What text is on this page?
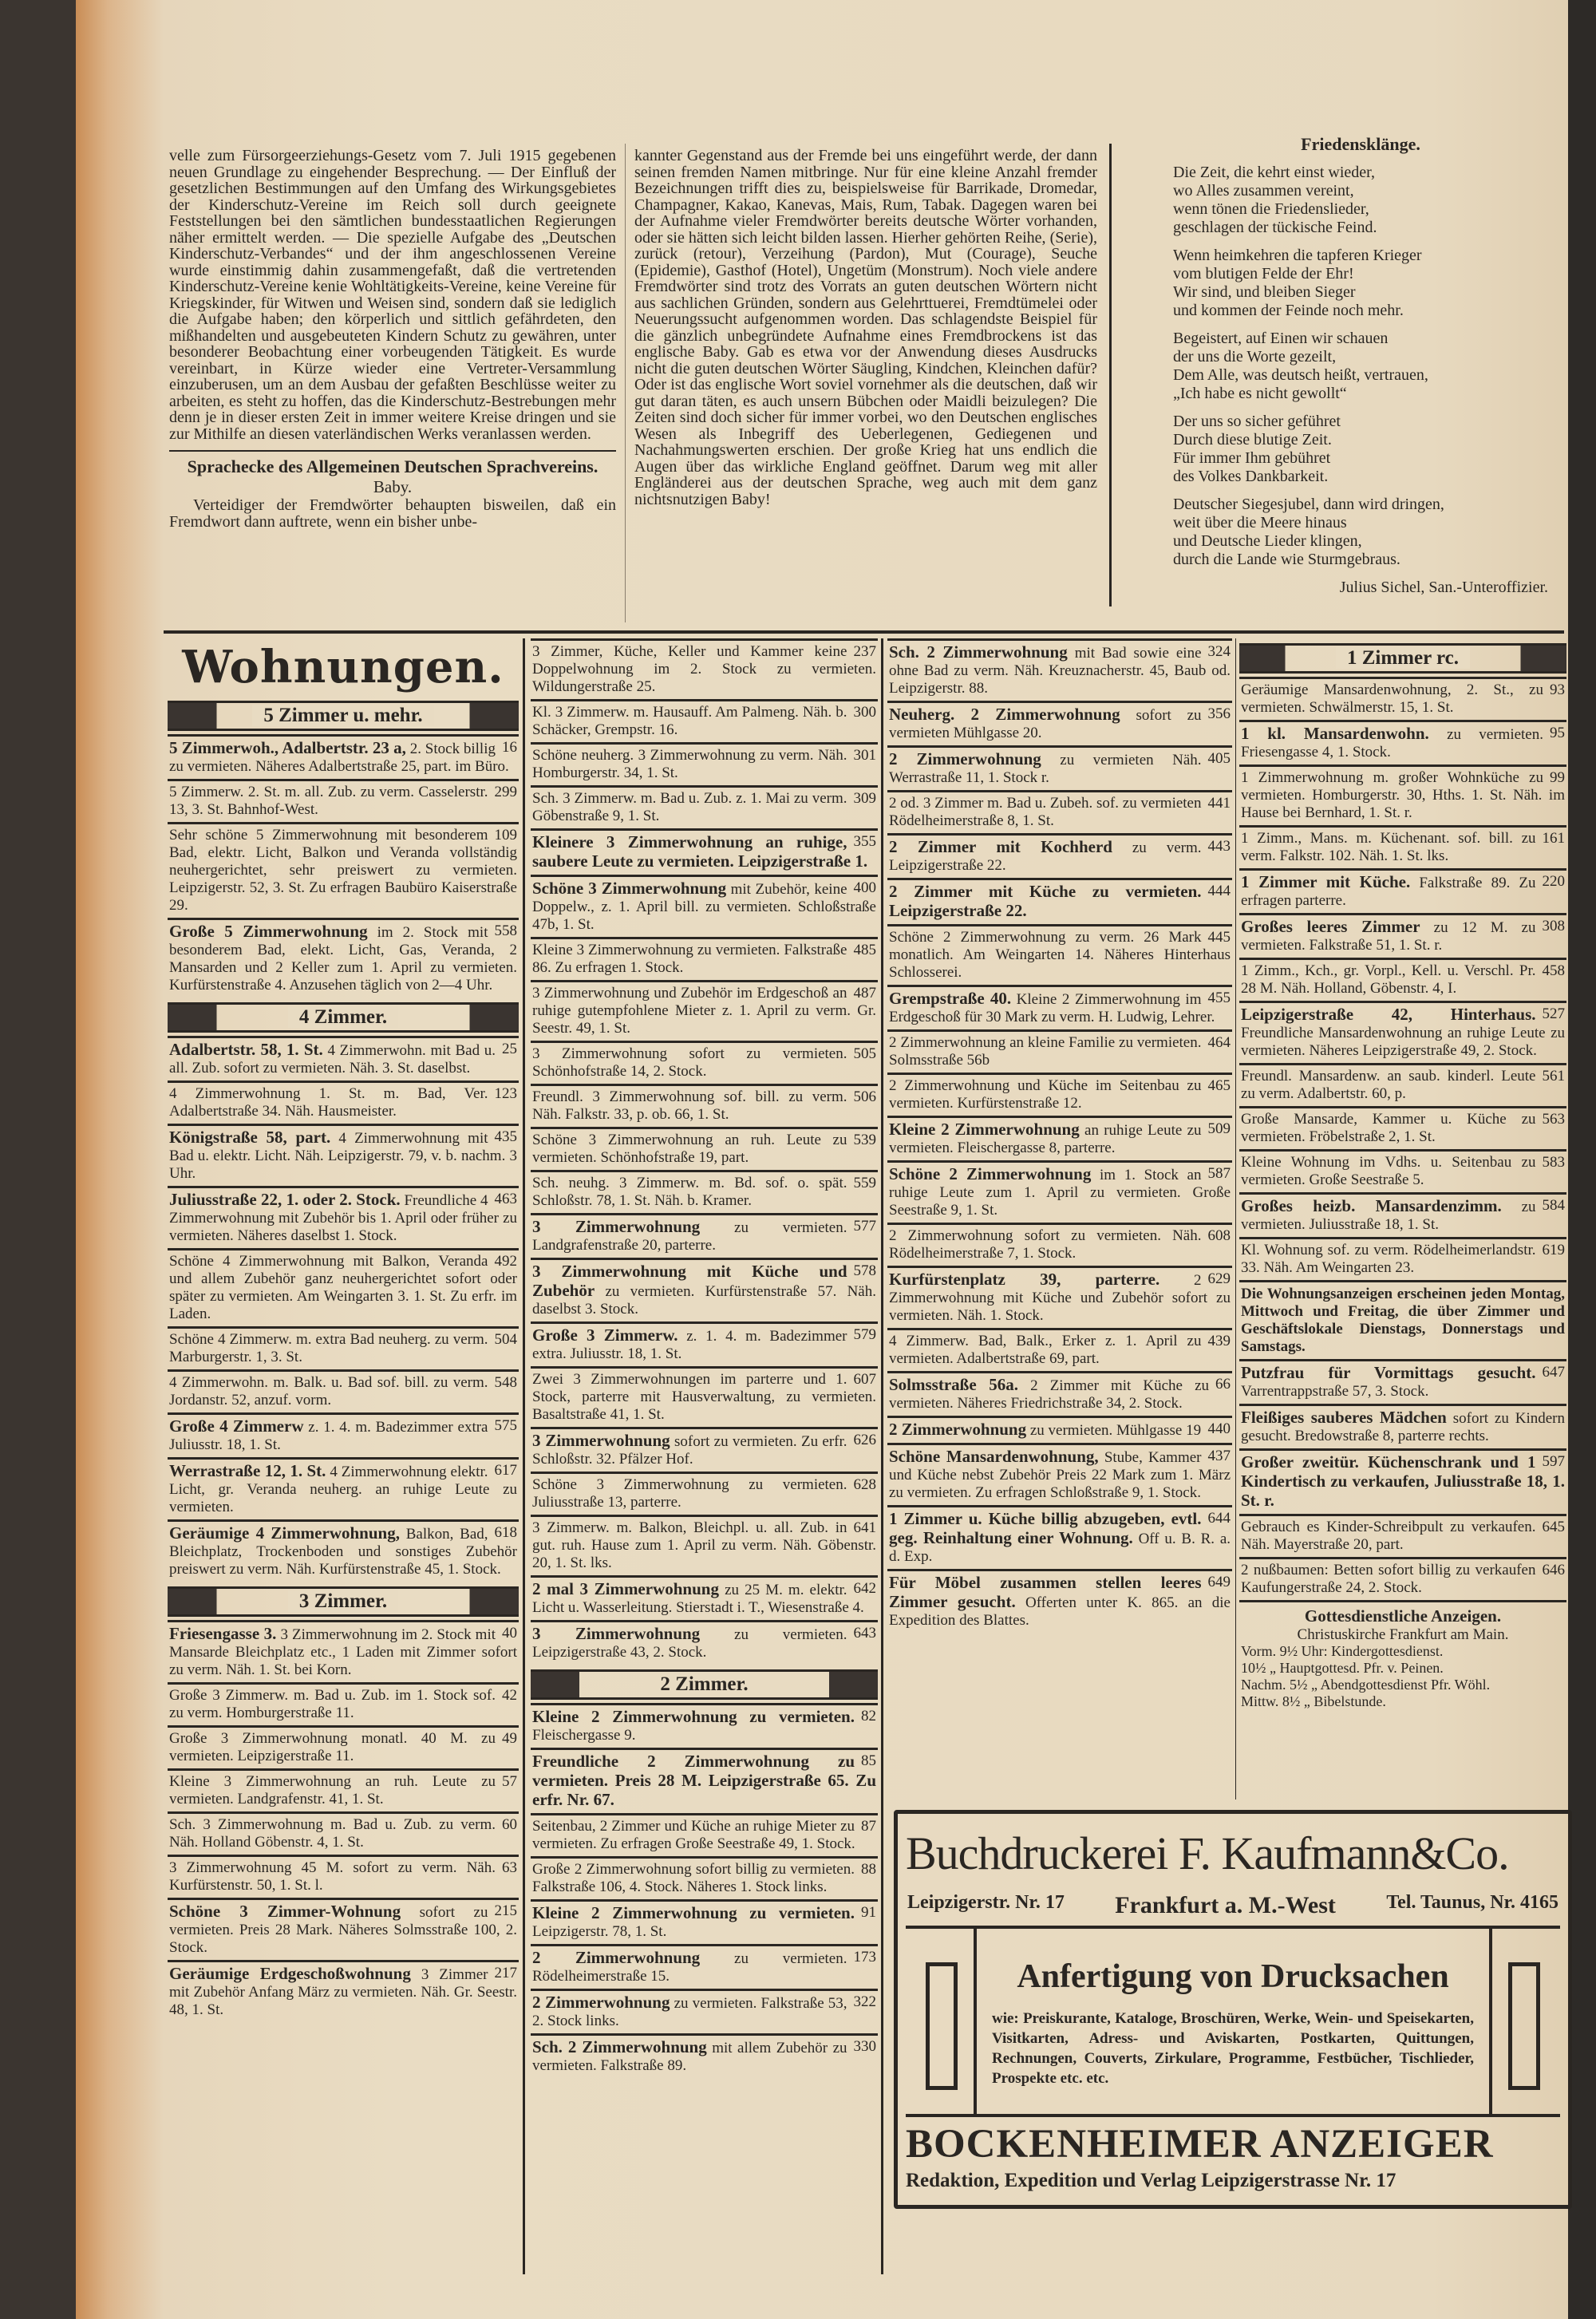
velle zum Fürsorgeerziehungs-Gesetz vom 7. Juli 1915 gegebenen neuen Grundlage zu eingehender Besprechung. — Der Einfluß der gesetzlichen Bestimmungen auf den Umfang des Wirkungsgebietes der Kinderschutz-Vereine im Reich soll durch geeignete Feststellungen bei den sämtlichen bundesstaatlichen Regierungen näher ermittelt werden. — Die spezielle Aufgabe des „Deutschen Kinderschutz-Verbandes“ und der ihm angeschlossenen Vereine wurde einstimmig dahin zusammengefaßt, daß die vertretenden Kinderschutz-Vereine kenie Wohltätigkeits-Vereine, keine Vereine für Kriegskinder, für Witwen und Weisen sind, sondern daß sie lediglich die Aufgabe haben; den körperlich und sittlich gefährdeten, den mißhandelten und ausgebeuteten Kindern Schutz zu gewähren, unter besonderer Beobachtung einer vorbeugenden Tätigkeit. Es wurde vereinbart, in Kürze wieder eine Vertreter-Versammlung einzuberusen, um an dem Ausbau der gefaßten Beschlüsse weiter zu arbeiten, es steht zu hoffen, das die Kinderschutz-Bestrebungen mehr denn je in dieser ersten Zeit in immer weitere Kreise dringen und sie zur Mithilfe an diesen vaterländischen Werks veranlassen werden.

Sprachecke des Allgemeinen Deutschen Sprachvereins.
Baby.

Verteidiger der Fremdwörter behaupten bisweilen, daß ein Fremdwort dann auftrete, wenn ein bisher unbe-

kannter Gegenstand aus der Fremde bei uns eingeführt werde, der dann seinen fremden Namen mitbringe. Nur für eine kleine Anzahl fremder Bezeichnungen trifft dies zu, beispielsweise für Barrikade, Dromedar, Champagner, Kakao, Kanevas, Mais, Rum, Tabak. Dagegen waren bei der Aufnahme vieler Fremdwörter bereits deutsche Wörter vorhanden, oder sie hätten sich leicht bilden lassen. Hierher gehörten Reihe, (Serie), zurück (retour), Verzeihung (Pardon), Mut (Courage), Seuche (Epidemie), Gasthof (Hotel), Ungetüm (Monstrum). Noch viele andere Fremdwörter sind trotz des Vorrats an guten deutschen Wörtern nicht aus sachlichen Gründen, sondern aus Gelehrttuerei, Fremdtümelei oder Neuerungssucht aufgenommen worden. Das schlagendste Beispiel für die gänzlich unbegründete Aufnahme eines Fremdbrockens ist das englische Baby. Gab es etwa vor der Anwendung dieses Ausdrucks nicht die guten deutschen Wörter Säugling, Kindchen, Kleinchen dafür? Oder ist das englische Wort soviel vornehmer als die deutschen, daß wir gut daran täten, es auch unsern Bübchen oder Maidli beizulegen? Die Zeiten sind doch sicher für immer vorbei, wo den Deutschen englisches Wesen als Inbegriff des Ueberlegenen, Gediegenen und Nachahmungswerten erschien. Der große Krieg hat uns endlich die Augen über das wirkliche England geöffnet. Darum weg mit aller Engländerei aus der deutschen Sprache, weg auch mit dem ganz nichtsnutzigen Baby!

Friedensklänge.
Die Zeit, die kehrt einst wieder,
wo Alles zusammen vereint,
wenn tönen die Friedenslieder,
geschlagen der tückische Feind.
Wenn heimkehren die tapferen Krieger
vom blutigen Felde der Ehr!
Wir sind, und bleiben Sieger
und kommen der Feinde noch mehr.
Begeistert, auf Einen wir schauen
der uns die Worte gezeilt,
Dem Alle, was deutsch heißt, vertrauen,
„Ich habe es nicht gewollt“
Der uns so sicher geführet
Durch diese blutige Zeit.
Für immer Ihm gebühret
des Volkes Dankbarkeit.
Deutscher Siegesjubel, dann wird dringen,
weit über die Meere hinaus
und Deutsche Lieder klingen,
durch die Lande wie Sturmgebraus.
Julius Sichel, San.-Unteroffizier.
Wohnungen.
5 Zimmer u. mehr.
16
5 Zimmerwoh., Adalbertstr. 23 a, 2. Stock billig zu vermieten. Näheres Adalbertstraße 25, part. im Büro.
299
5 Zimmerw. 2. St. m. all. Zub. zu verm. Casselerstr. 13, 3. St. Bahnhof-West.
109
Sehr schöne 5 Zimmerwohnung mit besonderem Bad, elektr. Licht, Balkon und Veranda vollständig neuhergerichtet, sehr preiswert zu vermieten. Leipzigerstr. 52, 3. St. Zu erfragen Baubüro Kaiserstraße 29.
558
Große 5 Zimmerwohnung im 2. Stock mit besonderem Bad, elekt. Licht, Gas, Veranda, 2 Mansarden und 2 Keller zum 1. April zu vermieten. Kurfürstenstraße 4. Anzusehen täglich von 2—4 Uhr.
4 Zimmer.
25
Adalbertstr. 58, 1. St. 4 Zimmerwohn. mit Bad u. all. Zub. sofort zu vermieten. Näh. 3. St. daselbst.
123
4 Zimmerwohnung 1. St. m. Bad, Ver. Adalbertstraße 34. Näh. Hausmeister.
435
Königstraße 58, part. 4 Zimmerwohnung mit Bad u. elektr. Licht. Näh. Leipzigerstr. 79, v. b. nachm. 3 Uhr.
463
Juliusstraße 22, 1. oder 2. Stock. Freundliche 4 Zimmerwohnung mit Zubehör bis 1. April oder früher zu vermieten. Näheres daselbst 1. Stock.
492
Schöne 4 Zimmerwohnung mit Balkon, Veranda und allem Zubehör ganz neuhergerichtet sofort oder später zu vermieten. Am Weingarten 3. 1. St. Zu erfr. im Laden.
504
Schöne 4 Zimmerw. m. extra Bad neuherg. zu verm. Marburgerstr. 1, 3. St.
548
4 Zimmerwohn. m. Balk. u. Bad sof. bill. zu verm. Jordanstr. 52, anzuf. vorm.
575
Große 4 Zimmerw z. 1. 4. m. Badezimmer extra Juliusstr. 18, 1. St.
617
Werrastraße 12, 1. St. 4 Zimmerwohnung elektr. Licht, gr. Veranda neuherg. an ruhige Leute zu vermieten.
618
Geräumige 4 Zimmerwohnung, Balkon, Bad, Bleichplatz, Trockenboden und sonstiges Zubehör preiswert zu verm. Näh. Kurfürstenstraße 45, 1. Stock.
3 Zimmer.
40
Friesengasse 3. 3 Zimmerwohnung im 2. Stock mit Mansarde Bleichplatz etc., 1 Laden mit Zimmer sofort zu verm. Näh. 1. St. bei Korn.
42
Große 3 Zimmerw. m. Bad u. Zub. im 1. Stock sof. zu verm. Homburgerstraße 11.
49
Große 3 Zimmerwohnung monatl. 40 M. zu vermieten. Leipzigerstraße 11.
57
Kleine 3 Zimmerwohnung an ruh. Leute zu vermieten. Landgrafenstr. 41, 1. St.
60
Sch. 3 Zimmerwohnung m. Bad u. Zub. zu verm. Näh. Holland Göbenstr. 4, 1. St.
63
3 Zimmerwohnung 45 M. sofort zu verm. Näh. Kurfürstenstr. 50, 1. St. l.
215
Schöne 3 Zimmer-Wohnung sofort zu vermieten. Preis 28 Mark. Näheres Solmsstraße 100, 2. Stock.
217
Geräumige Erdgeschoßwohnung 3 Zimmer mit Zubehör Anfang März zu vermieten. Näh. Gr. Seestr. 48, 1. St.
237
3 Zimmer, Küche, Keller und Kammer keine Doppelwohnung im 2. Stock zu vermieten. Wildungerstraße 25.
300
Kl. 3 Zimmerw. m. Hausauff. Am Palmeng. Näh. b. Schäcker, Grempstr. 16.
301
Schöne neuherg. 3 Zimmerwohnung zu verm. Näh. Homburgerstr. 34, 1. St.
309
Sch. 3 Zimmerw. m. Bad u. Zub. z. 1. Mai zu verm. Göbenstraße 9, 1. St.
355
Kleinere 3 Zimmerwohnung an ruhige, saubere Leute zu vermieten. Leipzigerstraße 1.
400
Schöne 3 Zimmerwohnung mit Zubehör, keine Doppelw., z. 1. April bill. zu vermieten. Schloßstraße 47b, 1. St.
485
Kleine 3 Zimmerwohnung zu vermieten. Falkstraße 86. Zu erfragen 1. Stock.
487
3 Zimmerwohnung und Zubehör im Erdgeschoß an ruhige gutempfohlene Mieter z. 1. April zu verm. Gr. Seestr. 49, 1. St.
505
3 Zimmerwohnung sofort zu vermieten. Schönhofstraße 14, 2. Stock.
506
Freundl. 3 Zimmerwohnung sof. bill. zu verm. Näh. Falkstr. 33, p. ob. 66, 1. St.
539
Schöne 3 Zimmerwohnung an ruh. Leute zu vermieten. Schönhofstraße 19, part.
559
Sch. neuhg. 3 Zimmerw. m. Bd. sof. o. spät. Schloßstr. 78, 1. St. Näh. b. Kramer.
577
3 Zimmerwohnung zu vermieten. Landgrafenstraße 20, parterre.
578
3 Zimmerwohnung mit Küche und Zubehör zu vermieten. Kurfürstenstraße 57. Näh. daselbst 3. Stock.
579
Große 3 Zimmerw. z. 1. 4. m. Badezimmer extra. Juliusstr. 18, 1. St.
607
Zwei 3 Zimmerwohnungen im parterre und 1. Stock, parterre mit Hausverwaltung, zu vermieten. Basaltstraße 41, 1. St.
626
3 Zimmerwohnung sofort zu vermieten. Zu erfr. Schloßstr. 32. Pfälzer Hof.
628
Schöne 3 Zimmerwohnung zu vermieten. Juliusstraße 13, parterre.
641
3 Zimmerw. m. Balkon, Bleichpl. u. all. Zub. in gut. ruh. Hause zum 1. April zu verm. Näh. Göbenstr. 20, 1. St. lks.
642
2 mal 3 Zimmerwohnung zu 25 M. m. elektr. Licht u. Wasserleitung. Stierstadt i. T., Wiesenstraße 4.
643
3 Zimmerwohnung zu vermieten. Leipzigerstraße 43, 2. Stock.
2 Zimmer.
82
Kleine 2 Zimmerwohnung zu vermieten. Fleischergasse 9.
85
Freundliche 2 Zimmerwohnung zu vermieten. Preis 28 M. Leipzigerstraße 65. Zu erfr. Nr. 67.
87
Seitenbau, 2 Zimmer und Küche an ruhige Mieter zu vermieten. Zu erfragen Große Seestraße 49, 1. Stock.
88
Große 2 Zimmerwohnung sofort billig zu vermieten. Falkstraße 106, 4. Stock. Näheres 1. Stock links.
91
Kleine 2 Zimmerwohnung zu vermieten. Leipzigerstr. 78, 1. St.
173
2 Zimmerwohnung zu vermieten. Rödelheimerstraße 15.
322
2 Zimmerwohnung zu vermieten. Falkstraße 53, 2. Stock links.
330
Sch. 2 Zimmerwohnung mit allem Zubehör zu vermieten. Falkstraße 89.
324
Sch. 2 Zimmerwohnung mit Bad sowie eine ohne Bad zu verm. Näh. Kreuznacherstr. 45, Baub od. Leipzigerstr. 88.
356
Neuherg. 2 Zimmerwohnung sofort zu vermieten Mühlgasse 20.
405
2 Zimmerwohnung zu vermieten Näh. Werrastraße 11, 1. Stock r.
441
2 od. 3 Zimmer m. Bad u. Zubeh. sof. zu vermieten Rödelheimerstraße 8, 1. St.
443
2 Zimmer mit Kochherd zu verm. Leipzigerstraße 22.
444
2 Zimmer mit Küche zu vermieten. Leipzigerstraße 22.
445
Schöne 2 Zimmerwohnung zu verm. 26 Mark monatlich. Am Weingarten 14. Näheres Hinterhaus Schlosserei.
455
Grempstraße 40. Kleine 2 Zimmerwohnung im Erdgeschoß für 30 Mark zu verm. H. Ludwig, Lehrer.
464
2 Zimmerwohnung an kleine Familie zu vermieten. Solmsstraße 56b
465
2 Zimmerwohnung und Küche im Seitenbau zu vermieten. Kurfürstenstraße 12.
509
Kleine 2 Zimmerwohnung an ruhige Leute zu vermieten. Fleischergasse 8, parterre.
587
Schöne 2 Zimmerwohnung im 1. Stock an ruhige Leute zum 1. April zu vermieten. Große Seestraße 9, 1. St.
608
2 Zimmerwohnung sofort zu vermieten. Näh. Rödelheimerstraße 7, 1. Stock.
629
Kurfürstenplatz 39, parterre. 2 Zimmerwohnung mit Küche und Zubehör sofort zu vermieten. Näh. 1. Stock.
439
4 Zimmerw. Bad, Balk., Erker z. 1. April zu vermieten. Adalbertstraße 69, part.
66
Solmsstraße 56a. 2 Zimmer mit Küche zu vermieten. Näheres Friedrichstraße 34, 2. Stock.
440
2 Zimmerwohnung zu vermieten. Mühlgasse 19
437
Schöne Mansardenwohnung, Stube, Kammer und Küche nebst Zubehör Preis 22 Mark zum 1. März zu vermieten. Zu erfragen Schloßstraße 9, 1. Stock.
644
1 Zimmer u. Küche billig abzugeben, evtl. geg. Reinhaltung einer Wohnung. Off u. B. R. a. d. Exp.
649
Für Möbel zusammen stellen leeres Zimmer gesucht. Offerten unter K. 865. an die Expedition des Blattes.
1 Zimmer rc.
93
Geräumige Mansardenwohnung, 2. St., zu vermieten. Schwälmerstr. 15, 1. St.
95
1 kl. Mansardenwohn. zu vermieten. Friesengasse 4, 1. Stock.
99
1 Zimmerwohnung m. großer Wohnküche zu vermieten. Homburgerstr. 30, Hths. 1. St. Näh. im Hause bei Bernhard, 1. St. r.
161
1 Zimm., Mans. m. Küchenant. sof. bill. zu verm. Falkstr. 102. Näh. 1. St. lks.
220
1 Zimmer mit Küche. Falkstraße 89. Zu erfragen parterre.
308
Großes leeres Zimmer zu 12 M. zu vermieten. Falkstraße 51, 1. St. r.
458
1 Zimm., Kch., gr. Vorpl., Kell. u. Verschl. Pr. 28 M. Näh. Holland, Göbenstr. 4, I.
527
Leipzigerstraße 42, Hinterhaus. Freundliche Mansardenwohnung an ruhige Leute zu vermieten. Näheres Leipzigerstraße 49, 2. Stock.
561
Freundl. Mansardenw. an saub. kinderl. Leute zu verm. Adalbertstr. 60, p.
563
Große Mansarde, Kammer u. Küche zu vermieten. Fröbelstraße 2, 1. St.
583
Kleine Wohnung im Vdhs. u. Seitenbau zu vermieten. Große Seestraße 5.
584
Großes heizb. Mansardenzimm. zu vermieten. Juliusstraße 18, 1. St.
619
Kl. Wohnung sof. zu verm. Rödelheimerlandstr. 33. Näh. Am Weingarten 23.
Die Wohnungsanzeigen erscheinen jeden Montag, Mittwoch und Freitag, die über Zimmer und Geschäftslokale Dienstags, Donnerstags und Samstags.
647
Putzfrau für Vormittags gesucht. Varrentrappstraße 57, 3. Stock.
Fleißiges sauberes Mädchen sofort zu Kindern gesucht. Bredowstraße 8, parterre rechts.
597
Großer zweitür. Küchenschrank und 1 Kindertisch zu verkaufen, Juliusstraße 18, 1. St. r.
645
Gebrauch es Kinder-Schreibpult zu verkaufen. Näh. Mayerstraße 20, part.
646
2 nußbaumen: Betten sofort billig zu verkaufen Kaufungerstraße 24, 2. Stock.
Gottesdienstliche Anzeigen.
Christuskirche Frankfurt am Main.
Vorm. 9½ Uhr: Kindergottesdienst.
10½ „ Hauptgottesd. Pfr. v. Peinen.
Nachm. 5½ „ Abendgottesdienst Pfr. Wöhl.
Mittw. 8½ „ Bibelstunde.
Buchdruckerei F. Kaufmann&Co.
Leipzigerstr. Nr. 17 Frankfurt a. M.-West	Tel. Taunus, Nr. 4165
Anfertigung von Drucksachen
wie: Preiskurante, Kataloge, Broschüren, Werke, Wein- und Speisekarten, Visitkarten, Adress- und Aviskarten, Postkarten, Quittungen, Rechnungen, Couverts, Zirkulare, Programme, Festbücher, Tischlieder, Prospekte etc. etc.
BOCKENHEIMER ANZEIGER
Redaktion, Expedition und Verlag Leipzigerstrasse Nr. 17
